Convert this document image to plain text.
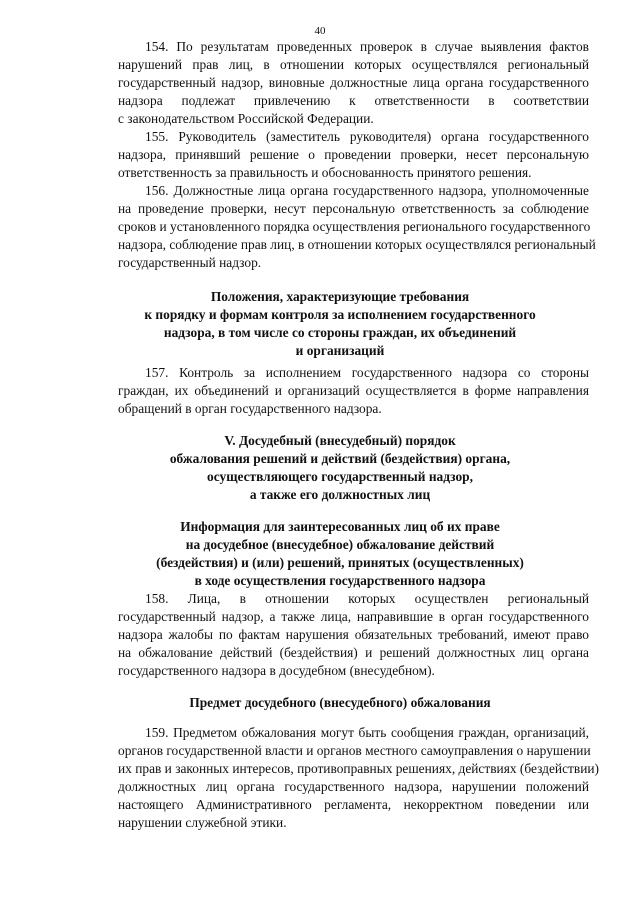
40
154. По результатам проведенных проверок в случае выявления фактов
нарушений прав лиц, в отношении которых осуществлялся региональный
государственный надзор, виновные должностные лица органа государственного
надзора подлежат привлечению к ответственности в соответствии
с законодательством Российской Федерации.
155. Руководитель (заместитель руководителя) органа государственного
надзора, принявший решение о проведении проверки, несет персональную
ответственность за правильность и обоснованность принятого решения.
156. Должностные лица органа государственного надзора, уполномоченные
на проведение проверки, несут персональную ответственность за соблюдение
сроков и установленного порядка осуществления регионального государственного
надзора, соблюдение прав лиц, в отношении которых осуществлялся региональный
государственный надзор.
Положения, характеризующие требования
к порядку и формам контроля за исполнением государственного
надзора, в том числе со стороны граждан, их объединений
и организаций
157. Контроль за исполнением государственного надзора со стороны
граждан, их объединений и организаций осуществляется в форме направления
обращений в орган государственного надзора.
V. Досудебный (внесудебный) порядок
обжалования решений и действий (бездействия) органа,
осуществляющего государственный надзор,
а также его должностных лиц
Информация для заинтересованных лиц об их праве
на досудебное (внесудебное) обжалование действий
(бездействия) и (или) решений, принятых (осуществленных)
в ходе осуществления государственного надзора
158. Лица, в отношении которых осуществлен региональный
государственный надзор, а также лица, направившие в орган государственного
надзора жалобы по фактам нарушения обязательных требований, имеют право
на обжалование действий (бездействия) и решений должностных лиц органа
государственного надзора в досудебном (внесудебном).
Предмет досудебного (внесудебного) обжалования
159. Предметом обжалования могут быть сообщения граждан, организаций,
органов государственной власти и органов местного самоуправления о нарушении
их прав и законных интересов, противоправных решениях, действиях (бездействии)
должностных лиц органа государственного надзора, нарушении положений
настоящего Административного регламента, некорректном поведении или
нарушении служебной этики.
